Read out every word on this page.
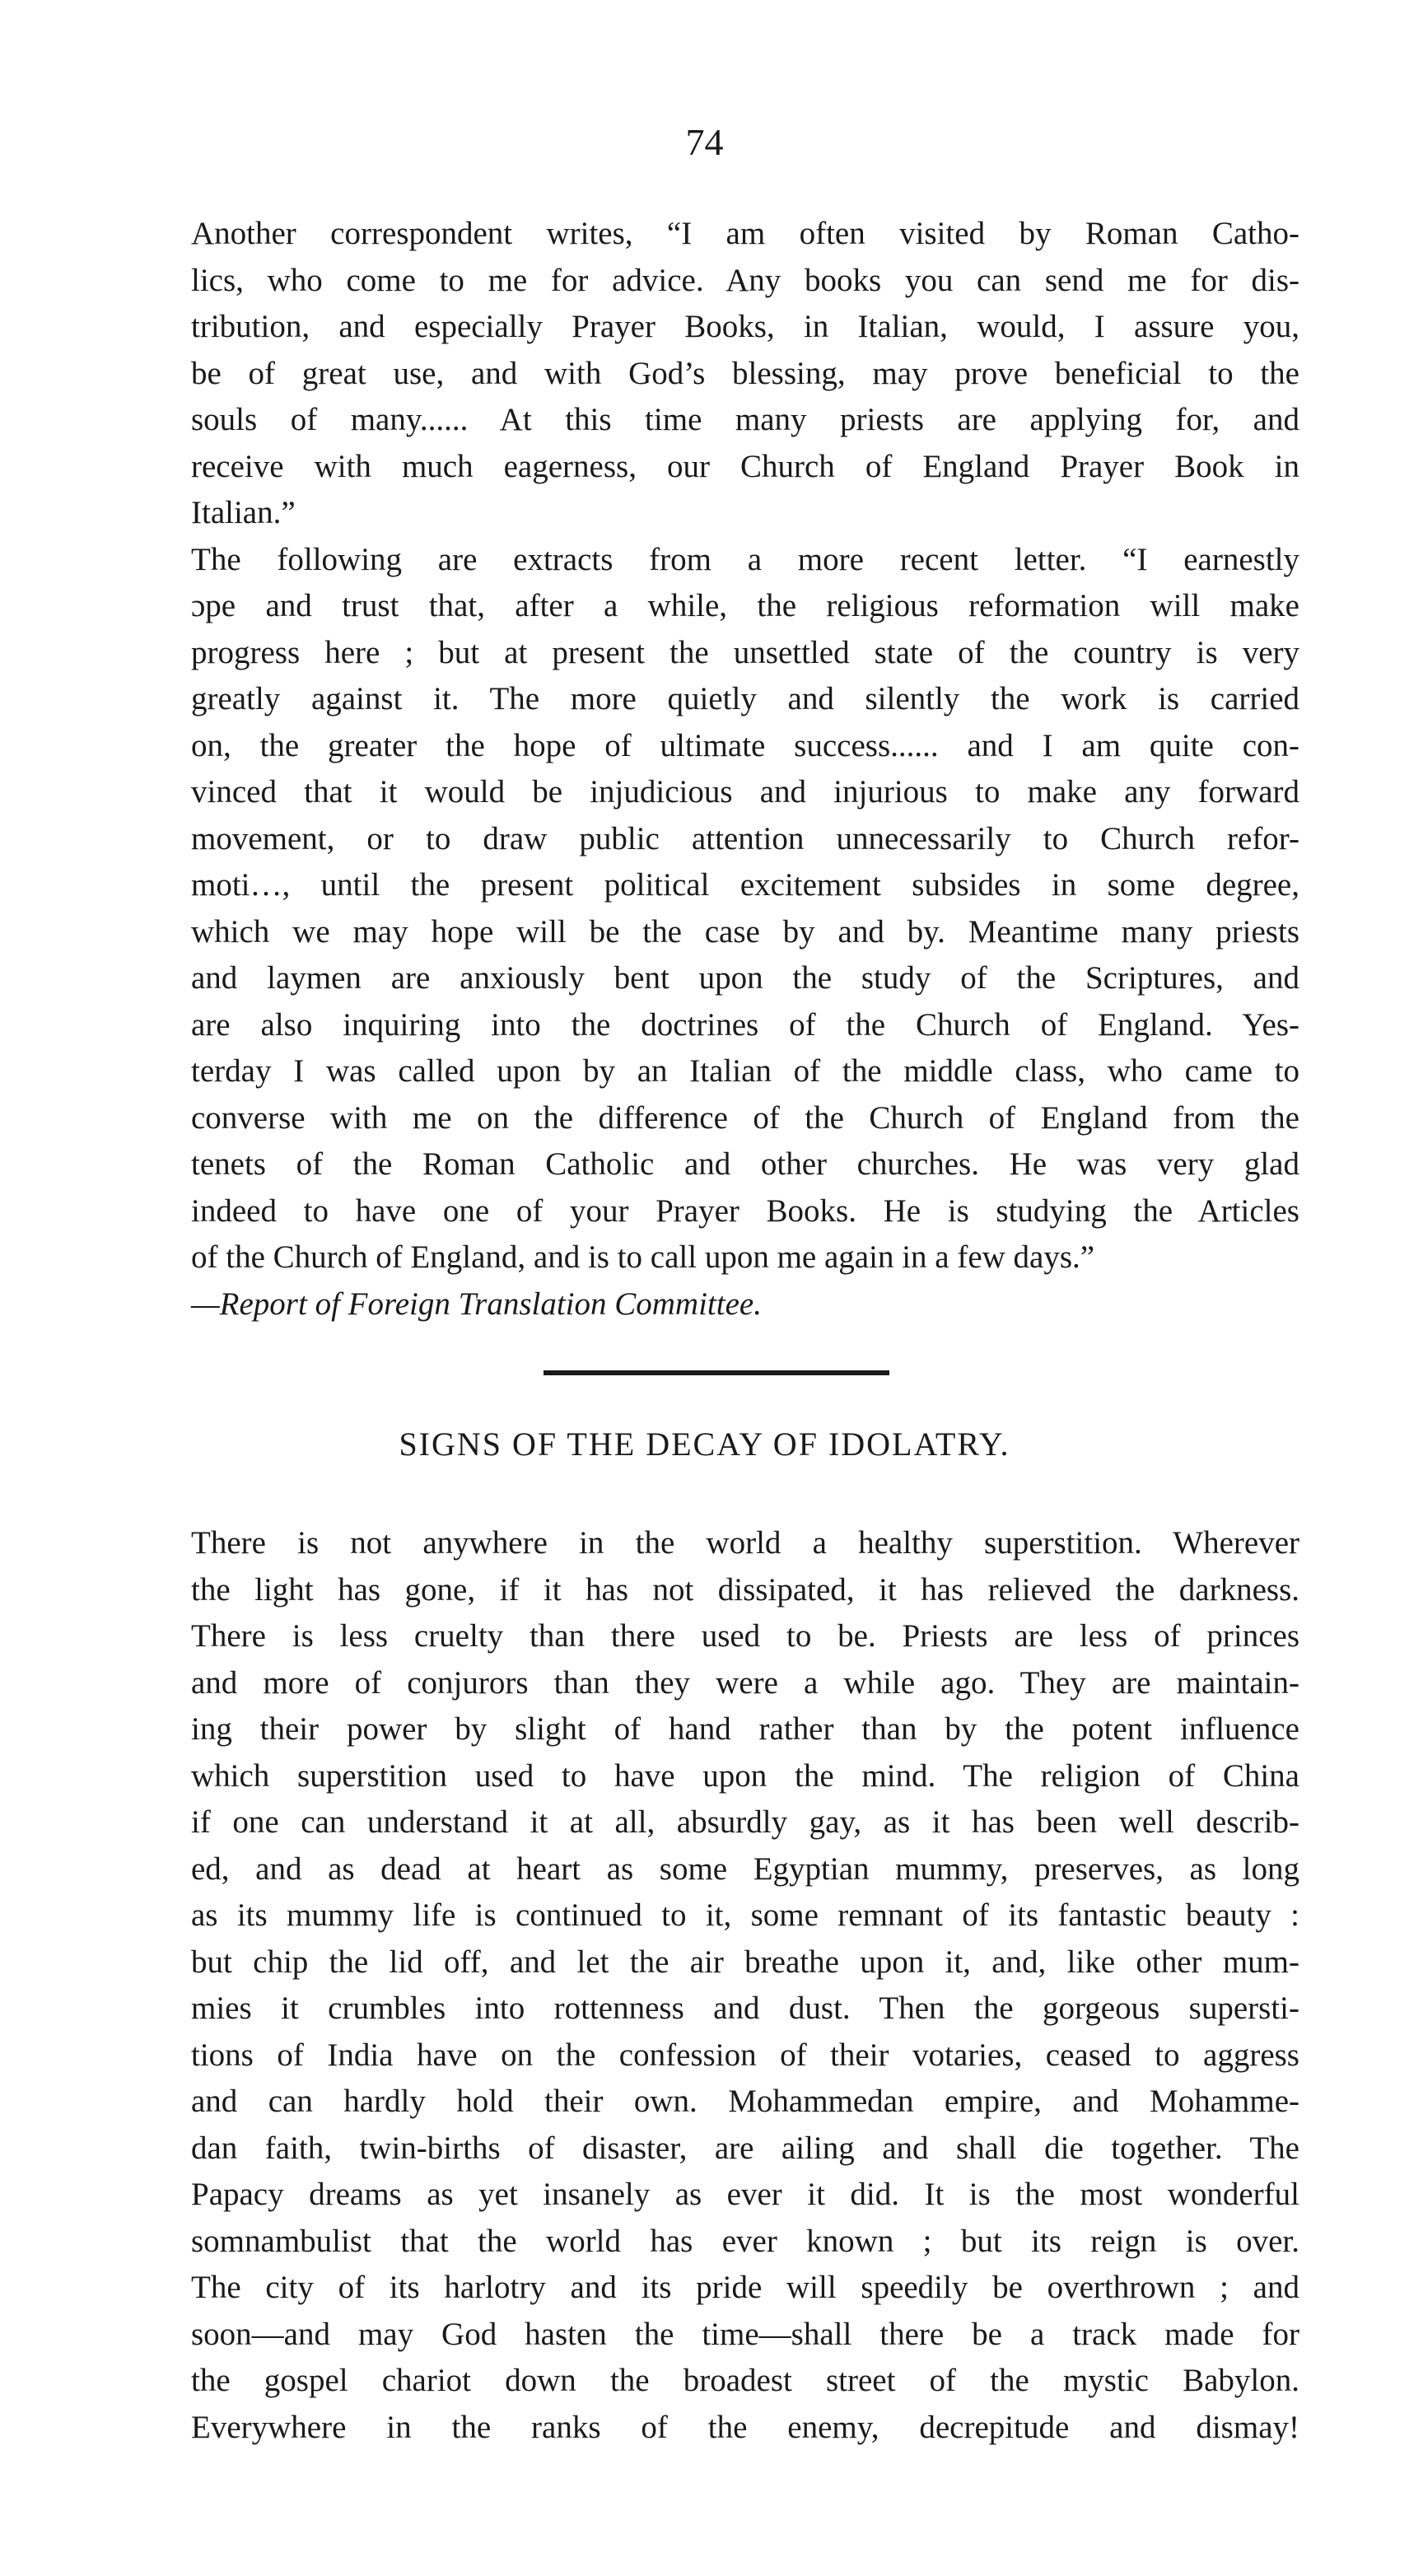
74

Another correspondent writes, “I am often visited by Roman Catho-
lics, who come to me for advice. Any books you can send me for dis-
tribution, and especially Prayer Books, in Italian, would, I assure you,
be of great use, and with God’s blessing, may prove beneficial to the
souls of many...... At this time many priests are applying for, and
receive with much eagerness, our Church of England Prayer Book in
Italian.”

The following are extracts from a more recent letter. “I earnestly
ɔpe and trust that, after a while, the religious reformation will make
progress here ; but at present the unsettled state of the country is very
greatly against it. The more quietly and silently the work is carried
on, the greater the hope of ultimate success...... and I am quite con-
vinced that it would be injudicious and injurious to make any forward
movement, or to draw public attention unnecessarily to Church refor-
moti…, until the present political excitement subsides in some degree,
which we may hope will be the case by and by. Meantime many priests
and laymen are anxiously bent upon the study of the Scriptures, and
are also inquiring into the doctrines of the Church of England. Yes-
terday I was called upon by an Italian of the middle class, who came to
converse with me on the difference of the Church of England from the
tenets of the Roman Catholic and other churches. He was very glad
indeed to have one of your Prayer Books. He is studying the Articles
of the Church of England, and is to call upon me again in a few days.”
—Report of Foreign Translation Committee.

SIGNS OF THE DECAY OF IDOLATRY.

There is not anywhere in the world a healthy superstition. Wherever
the light has gone, if it has not dissipated, it has relieved the darkness.
There is less cruelty than there used to be. Priests are less of princes
and more of conjurors than they were a while ago. They are maintain-
ing their power by slight of hand rather than by the potent influence
which superstition used to have upon the mind. The religion of China
if one can understand it at all, absurdly gay, as it has been well describ-
ed, and as dead at heart as some Egyptian mummy, preserves, as long
as its mummy life is continued to it, some remnant of its fantastic beauty :
but chip the lid off, and let the air breathe upon it, and, like other mum-
mies it crumbles into rottenness and dust. Then the gorgeous supersti-
tions of India have on the confession of their votaries, ceased to aggress
and can hardly hold their own. Mohammedan empire, and Mohamme-
dan faith, twin-births of disaster, are ailing and shall die together. The
Papacy dreams as yet insanely as ever it did. It is the most wonderful
somnambulist that the world has ever known ; but its reign is over.
The city of its harlotry and its pride will speedily be overthrown ; and
soon—and may God hasten the time—shall there be a track made for
the gospel chariot down the broadest street of the mystic Babylon.
Everywhere in the ranks of the enemy, decrepitude and dismay!
